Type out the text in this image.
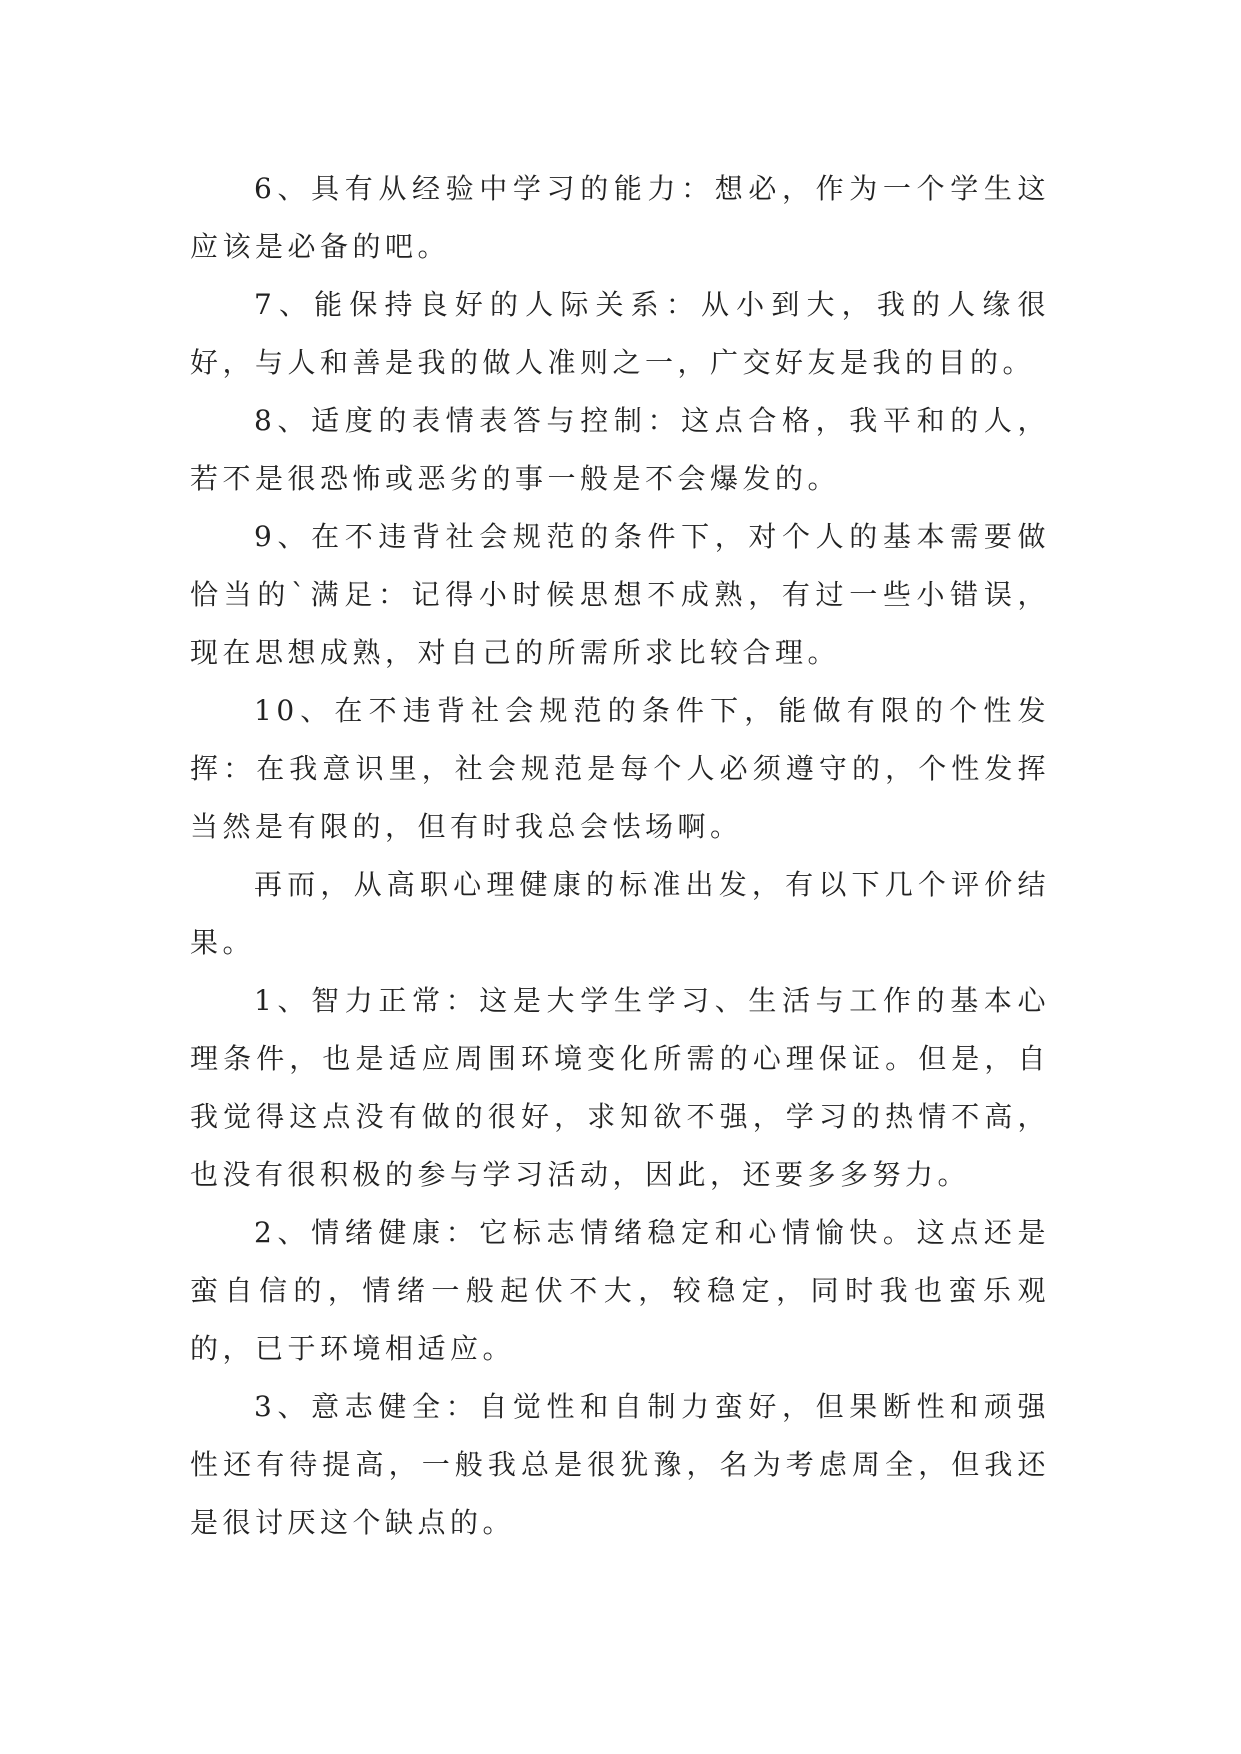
6、具有从经验中学习的能力：想必，作为一个学生这应该是必备的吧。

7、能保持良好的人际关系：从小到大，我的人缘很好，与人和善是我的做人准则之一，广交好友是我的目的。

8、适度的表情表答与控制：这点合格，我平和的人，若不是很恐怖或恶劣的事一般是不会爆发的。

9、在不违背社会规范的条件下，对个人的基本需要做恰当的`满足：记得小时候思想不成熟，有过一些小错误，现在思想成熟，对自己的所需所求比较合理。

10、在不违背社会规范的条件下，能做有限的个性发挥：在我意识里，社会规范是每个人必须遵守的，个性发挥当然是有限的，但有时我总会怯场啊。

再而，从高职心理健康的标准出发，有以下几个评价结果。

1、智力正常：这是大学生学习、生活与工作的基本心理条件，也是适应周围环境变化所需的心理保证。但是，自我觉得这点没有做的很好，求知欲不强，学习的热情不高，也没有很积极的参与学习活动，因此，还要多多努力。

2、情绪健康：它标志情绪稳定和心情愉快。这点还是蛮自信的，情绪一般起伏不大，较稳定，同时我也蛮乐观的，已于环境相适应。

3、意志健全：自觉性和自制力蛮好，但果断性和顽强性还有待提高，一般我总是很犹豫，名为考虑周全，但我还是很讨厌这个缺点的。
